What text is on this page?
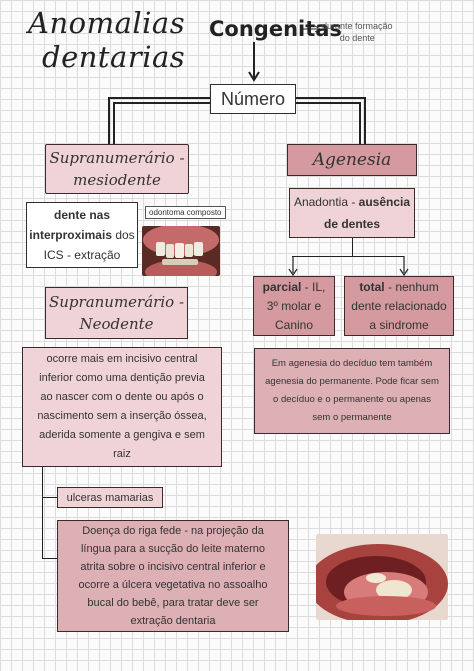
Anomalias
dentarias
Congenitas
durante formação
do dente
Número
Supranumerário -
mesiodente
dente nas interproximais dos
ICS - extração
odontoma composto
Supranumerário -
Neodente
ocorre mais em incisivo central
inferior como uma dentição previa
ao nascer com o dente ou após o
nascimento sem a inserção óssea,
aderida somente a gengiva e sem
raiz
ulceras mamarias
Doença do riga fede - na projeção da
língua para a sucção do leite materno
atrita sobre o incisivo central inferior e
ocorre a úlcera vegetativa no assoalho
bucal do bebê, para tratar deve ser
extração dentaria
Agenesia
Anadontia - ausência
de dentes
parcial - IL,
3º molar e
Canino
total - nenhum
dente relacionado
a sindrome
Em agenesia do decíduo tem também
agenesia do permanente. Pode ficar sem
o decíduo e o permanente ou apenas
sem o permanente
